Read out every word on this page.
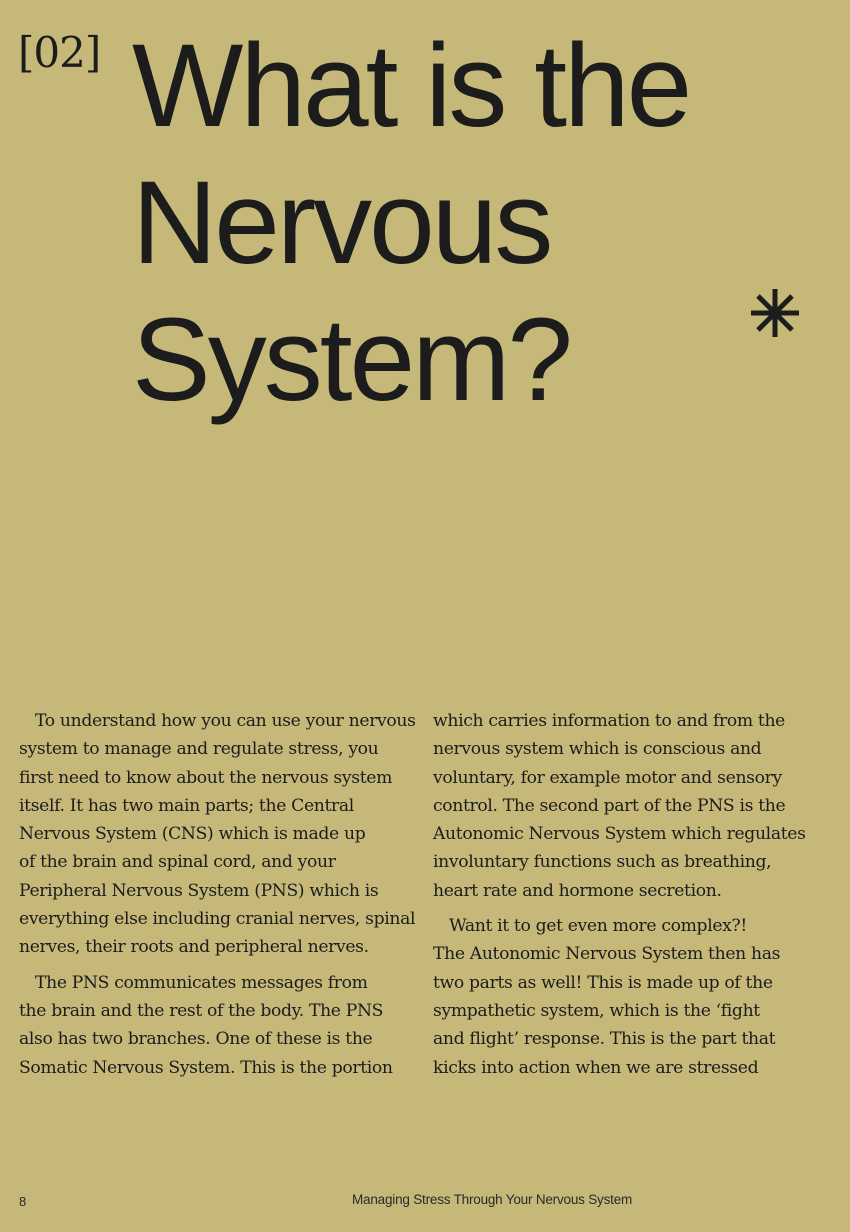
[02] What is the
Nervous
System?

To understand how you can use your nervous
system to manage and regulate stress, you
first need to know about the nervous system
itself. It has two main parts; the Central
Nervous System (CNS) which is made up
of the brain and spinal cord, and your
Peripheral Nervous System (PNS) which is
everything else including cranial nerves, spinal
nerves, their roots and peripheral nerves.

The PNS communicates messages from
the brain and the rest of the body. The PNS
also has two branches. One of these is the
Somatic Nervous System. This is the portion

which carries information to and from the
nervous system which is conscious and
voluntary, for example motor and sensory
control. The second part of the PNS is the
Autonomic Nervous System which regulates
involuntary functions such as breathing,
heart rate and hormone secretion.

Want it to get even more complex?!
The Autonomic Nervous System then has
two parts as well! This is made up of the
sympathetic system, which is the ‘fight
and flight’ response. This is the part that
kicks into action when we are stressed

8	Managing Stress Through Your Nervous System
